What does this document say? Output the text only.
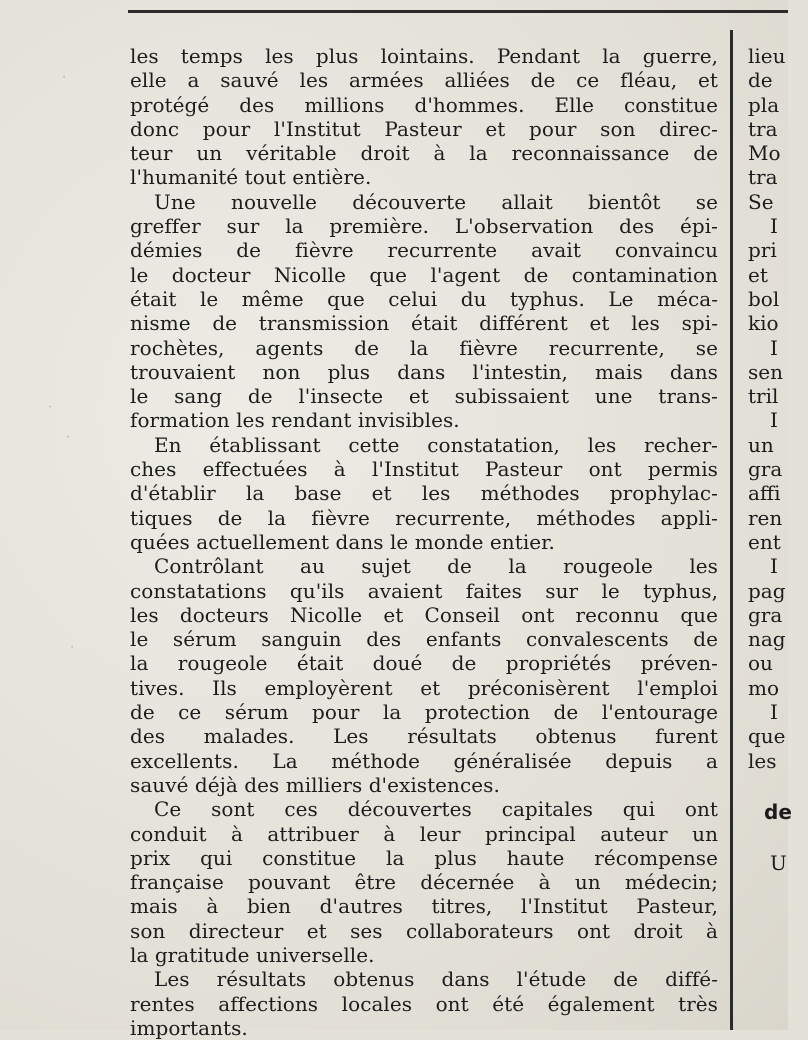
·
·
·
·
les temps les plus lointains. Pendant la guerre,
elle a sauvé les armées alliées de ce fléau, et
protégé des millions d'hommes. Elle constitue
donc pour l'Institut Pasteur et pour son direc-
teur un véritable droit à la reconnaissance de
l'humanité tout entière.
Une nouvelle découverte allait bientôt se
greffer sur la première. L'observation des épi-
démies de fièvre recurrente avait convaincu
le docteur Nicolle que l'agent de contamination
était le même que celui du typhus. Le méca-
nisme de transmission était différent et les spi-
rochètes, agents de la fièvre recurrente, se
trouvaient non plus dans l'intestin, mais dans
le sang de l'insecte et subissaient une trans-
formation les rendant invisibles.
En établissant cette constatation, les recher-
ches effectuées à l'Institut Pasteur ont permis
d'établir la base et les méthodes prophylac-
tiques de la fièvre recurrente, méthodes appli-
quées actuellement dans le monde entier.
Contrôlant au sujet de la rougeole les
constatations qu'ils avaient faites sur le typhus,
les docteurs Nicolle et Conseil ont reconnu que
le sérum sanguin des enfants convalescents de
la rougeole était doué de propriétés préven-
tives. Ils employèrent et préconisèrent l'emploi
de ce sérum pour la protection de l'entourage
des malades. Les résultats obtenus furent
excellents. La méthode généralisée depuis a
sauvé déjà des milliers d'existences.
Ce sont ces découvertes capitales qui ont
conduit à attribuer à leur principal auteur un
prix qui constitue la plus haute récompense
française pouvant être décernée à un médecin;
mais à bien d'autres titres, l'Institut Pasteur,
son directeur et ses collaborateurs ont droit à
la gratitude universelle.
Les résultats obtenus dans l'étude de diffé-
rentes affections locales ont été également très
importants.
lieu
de
pla
tra
Mo
tra
Se
I
pri
et
bol
kio
I
sen
tril
I
un
gra
affi
ren
ent
I
pag
gra
nag
ou
mo
I
que
les
de
U
